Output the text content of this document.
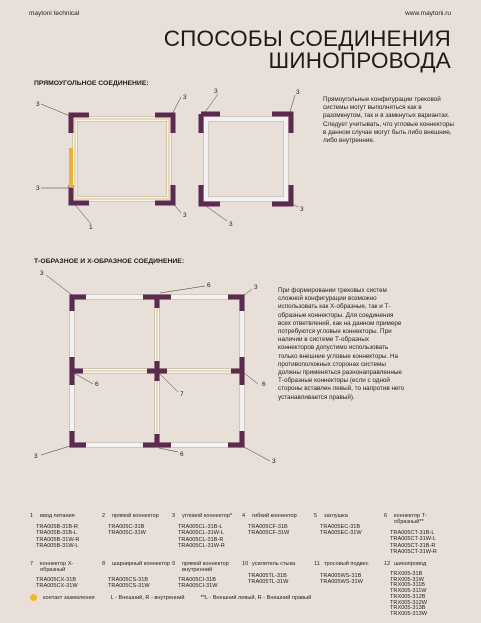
maytoni technical	www.maytoni.ru
СПОСОБЫ СОЕДИНЕНИЯ
ШИНОПРОВОДА
ПРЯМОУГОЛЬНОЕ СОЕДИНЕНИЕ:
Прямоугольные конфигурации трековой системы могут выполняться как в разомкнутом, так и в замкнутых вариантах. Следует учитывать, что угловые коннекторы в данном случае могут быть либо внешние, либо внутренние.
Т-ОБРАЗНОЕ И Х-ОБРАЗНОЕ СОЕДИНЕНИЕ:
При формировании трековых систем сложной конфигурации возможно использовать как Х-образные, так и Т-образные коннекторы. Для соединения всех ответвлений, как на данном примере потребуются угловые коннекторы. При наличии в системе Т-образных коннекторов допустимо использовать только внешние угловые коннекторы. На противоположных сторонах системы должны применяться разнонаправленные Т-образные коннекторы (если с одной стороны вставлен левый, то напротив него устанавливается правый).
3
3
3
1
3
3	3
3
3
6
3
3
6
7
6
6
3
3
1 ввод питания
TRA005B-31B-R
TRA005B-31B-L
TRA005B-31W-R
TRA005B-31W-L
2 прямой коннектор
TRA005C-31B
TRA005C-31W
3 угловой коннектор*
TRA005CL-31B-L
TRA005CL-31W-L
TRA005CL-31B-R
TRA005CL-31W-R
4 гибкий коннектор
TRA005CF-31B
TRA005CF-31W
5 заглушка
TRA005EC-31B
TRA005EC-31W
6 коннектор Т-образный**
TRA005CT-31B-L
TRA005CT-31W-L
TRA005CT-31B-R
TRA005CT-31W-R
7 коннектор Х-образный
TRA005CX-31B
TRA005CX-31W
8 шарнирный коннектор
TRA005CS-31B
TRA005CS-31W
9 прямой коннектор внутренний
TRA005CI-31B
TRA005CI-31W
10 усилитель стыка
TRA005TL-31B
TRA005TL-31W
11 тросовый подвес
TRA005WS-31B
TRA005WS-31W
12 шинопровод
TRX005-31B
TRX005-31W
TRX005-311B
TRX005-311W
TRX005-312B
TRX005-312W
TRX005-313B
TRX005-313W
контакт заземления	L - Внешний, R - внутренний	**L - Внешний левый, R - Внешний правый
